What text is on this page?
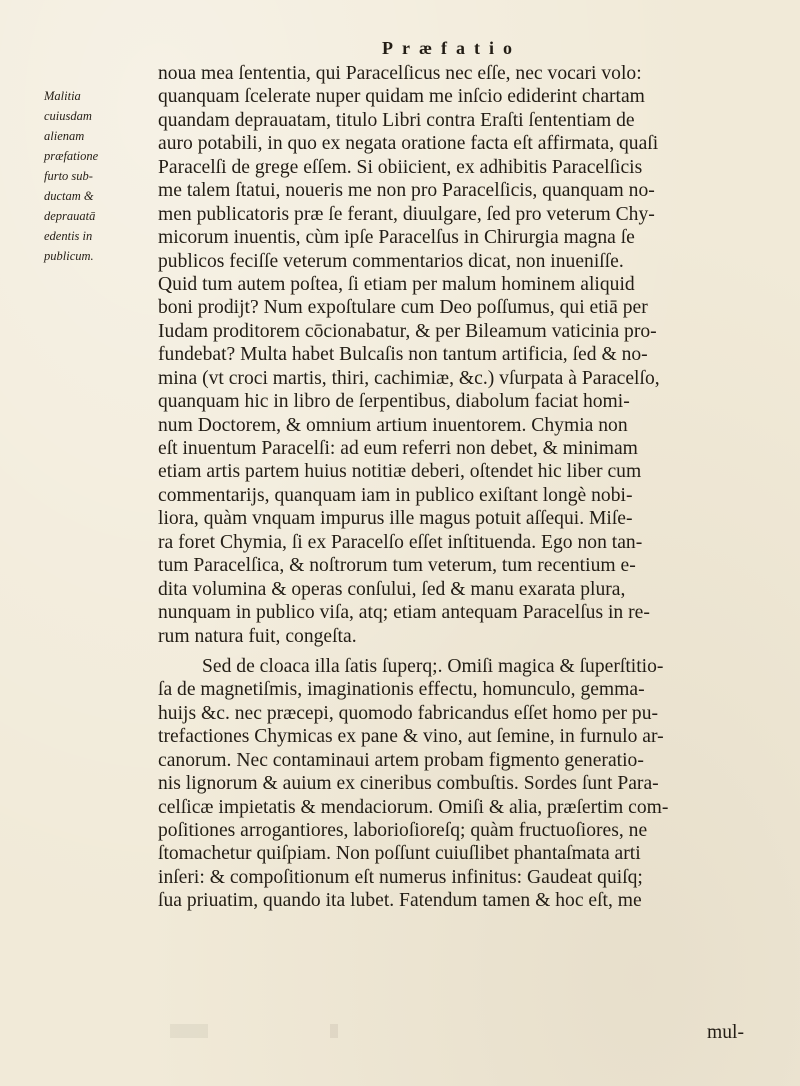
Præfatio
Malitia
cuiusdam
alienam
præfatione
furto sub-
ductam &
deprauatā
edentis in
publicum.
noua mea ſententia, qui Paracelſicus nec eſſe, nec vocari volo:
quanquam ſcelerate nuper quidam me inſcio ediderint chartam
quandam deprauatam, titulo Libri contra Eraſti ſententiam de
auro potabili, in quo ex negata oratione facta eſt affirmata, quaſi
Paracelſi de grege eſſem. Si obiicient, ex adhibitis Paracelſicis
me talem ſtatui, noueris me non pro Paracelſicis, quanquam no-
men publicatoris præ ſe ferant, diuulgare, ſed pro veterum Chy-
micorum inuentis, cùm ipſe Paracelſus in Chirurgia magna ſe
publicos feciſſe veterum commentarios dicat, non inueniſſe.
Quid tum autem poſtea, ſi etiam per malum hominem aliquid
boni prodijt? Num expoſtulare cum Deo poſſumus, qui etiā per
Iudam proditorem cōcionabatur, & per Bileamum vaticinia pro-
fundebat? Multa habet Bulcaſis non tantum artificia, ſed & no-
mina (vt croci martis, thiri, cachimiæ, &c.) vſurpata à Paracelſo,
quanquam hic in libro de ſerpentibus, diabolum faciat homi-
num Doctorem, & omnium artium inuentorem. Chymia non
eſt inuentum Paracelſi: ad eum referri non debet, & minimam
etiam artis partem huius notitiæ deberi, oſtendet hic liber cum
commentarijs, quanquam iam in publico exiſtant longè nobi-
liora, quàm vnquam impurus ille magus potuit aſſequi. Miſe-
ra foret Chymia, ſi ex Paracelſo eſſet inſtituenda. Ego non tan-
tum Paracelſica, & noſtrorum tum veterum, tum recentium e-
dita volumina & operas conſului, ſed & manu exarata plura,
nunquam in publico viſa, atq; etiam antequam Paracelſus in re-
rum natura fuit, congeſta.
Sed de cloaca illa ſatis ſuperq;. Omiſi magica & ſuperſtitio-
ſa de magnetiſmis, imaginationis effectu, homunculo, gemma-
huijs &c. nec præcepi, quomodo fabricandus eſſet homo per pu-
trefactiones Chymicas ex pane & vino, aut ſemine, in furnulo ar-
canorum. Nec contaminaui artem probam figmento generatio-
nis lignorum & auium ex cineribus combuſtis. Sordes ſunt Para-
celſicæ impietatis & mendaciorum. Omiſi & alia, præſertim com-
poſitiones arrogantiores, laborioſioreſq; quàm fructuoſiores, ne
ſtomachetur quiſpiam. Non poſſunt cuiuſlibet phantaſmata arti
inſeri: & compoſitionum eſt numerus infinitus: Gaudeat quiſq;
ſua priuatim, quando ita lubet. Fatendum tamen & hoc eſt, me
mul-
